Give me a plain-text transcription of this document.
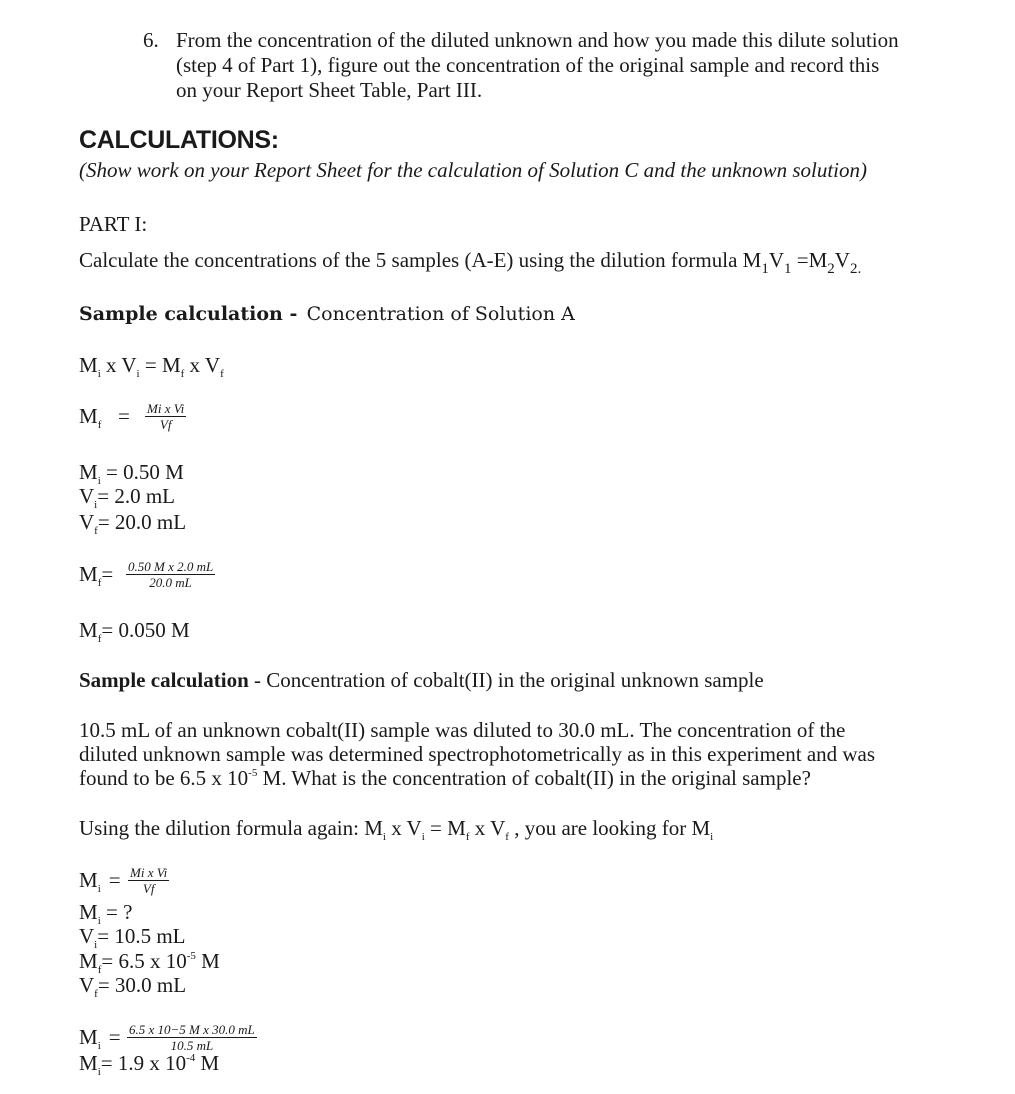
6. From the concentration of the diluted unknown and how you made this dilute solution
(step 4 of Part 1), figure out the concentration of the original sample and record this
on your Report Sheet Table, Part III.
CALCULATIONS:
(Show work on your Report Sheet for the calculation of Solution C and the unknown solution)
PART I:
Calculate the concentrations of the 5 samples (A-E) using the dilution formula $M_1V_1 =M_2V_{2.}$
Sample calculation - Concentration of Solution A
$M_i$ x $V_i = M_f$ x $V_f$
$M_f = \frac{\text{Mi x Vi}}{Vf}$
$M_i = 0.50$ M
$V_i= 2.0$ mL
$V_f= 20.0$ mL
$M_f= \frac{\text{0.50 M x 2.0 mL}}{20.0 mL}$
$M_f= 0.050$ M
Sample calculation - Concentration of cobalt(II) in the original unknown sample
10.5 mL of an unknown cobalt(II) sample was diluted to 30.0 mL. The concentration of the
diluted unknown sample was determined spectrophotometrically as in this experiment and was
found to be 6.5 x $10^{-5}$ M. What is the concentration of cobalt(II) in the original sample?
Using the dilution formula again: $M_i$ x $V_i = M_f$ x $V_f$ , you are looking for $M_i$
$M_i = \frac{\text{Mi x Vi}}{Vf}$
$M_i$ = ?
$V_i= 10.5$ mL
$M_f= 6.5$ x $10^{-5}$ M
$V_f= 30.0$ mL
$M_i = \frac{\text{6.5 x 10−5 M x 30.0 mL}}{10.5 mL}$
$M_i= 1.9$ x $10^{-4}$ M
